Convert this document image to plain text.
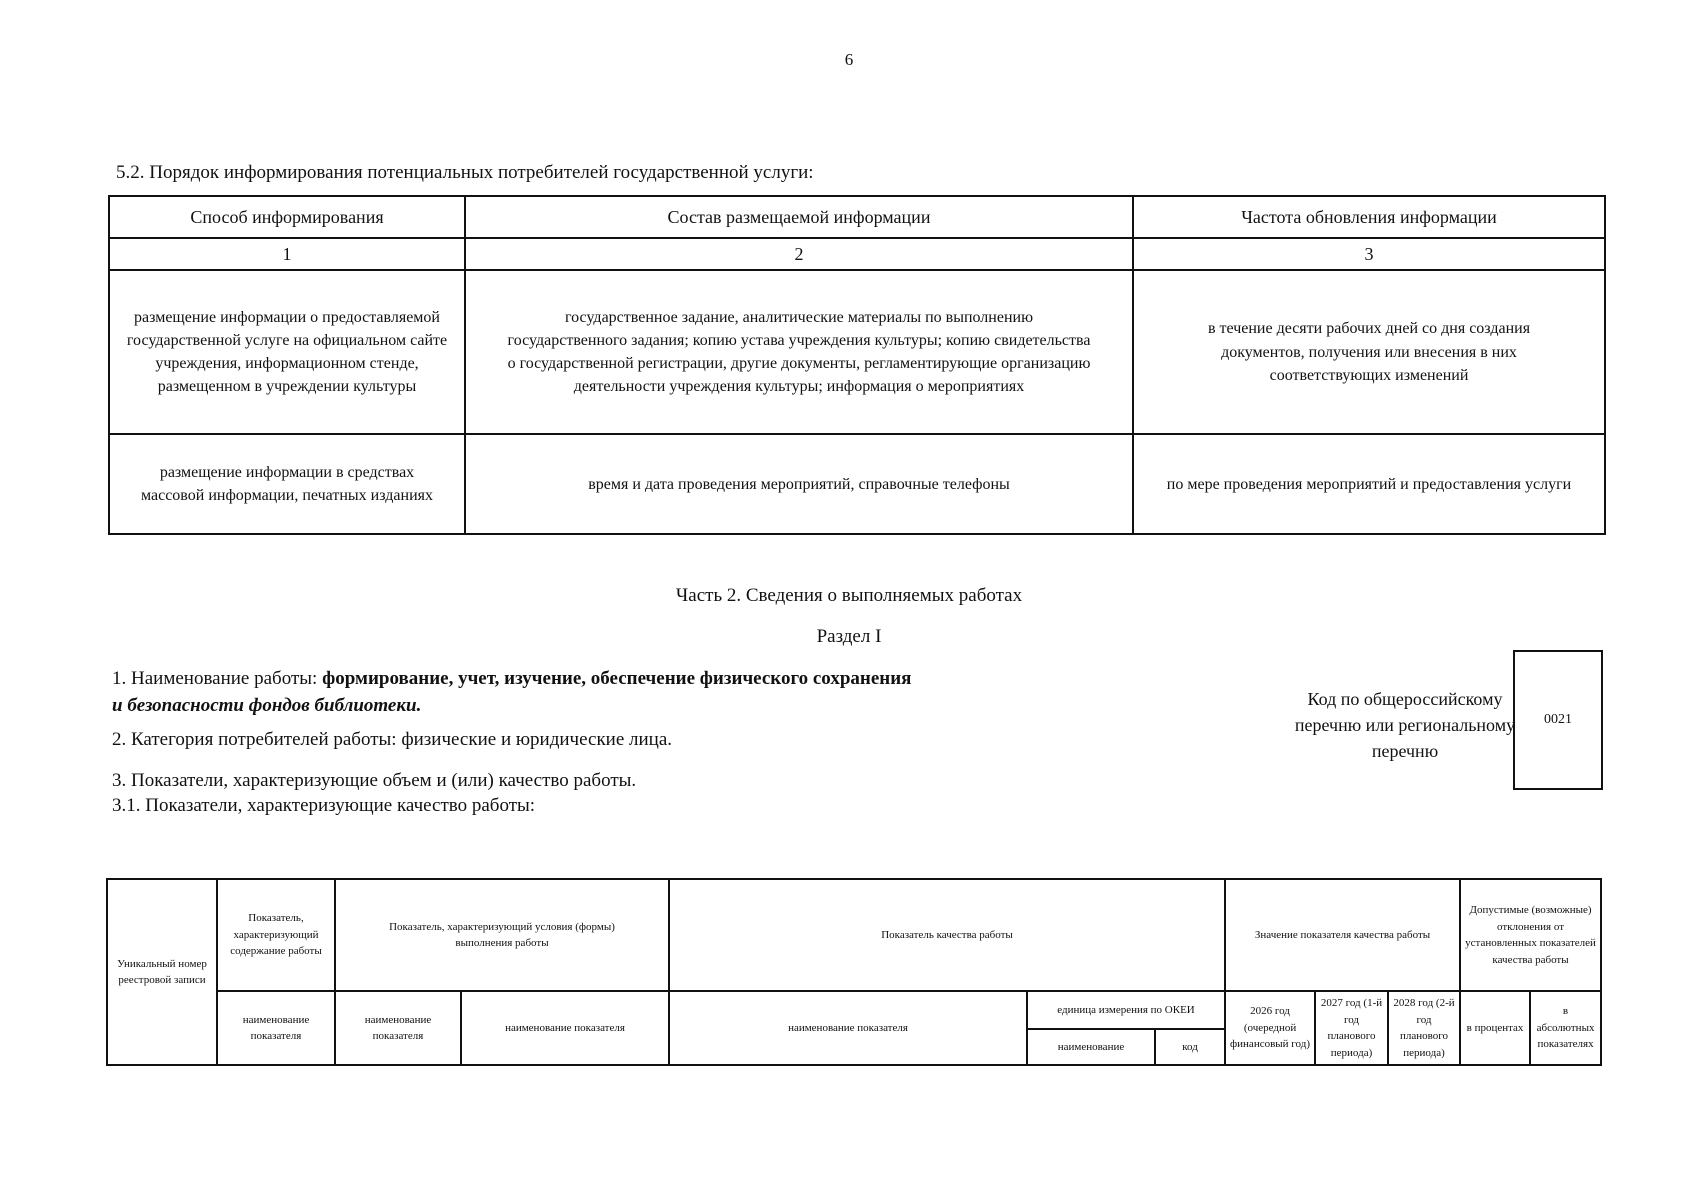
6
5.2. Порядок информирования потенциальных потребителей государственной услуги:
Способ информирования	Состав размещаемой информации	Частота обновления информации
1	2	3
размещение информации о предоставляемой государственной услуге на официальном сайте учреждения, информационном стенде, размещенном в учреждении культуры	государственное задание, аналитические материалы по выполнению государственного задания; копию устава учреждения культуры; копию свидетельства о государственной регистрации, другие документы, регламентирующие организацию деятельности учреждения культуры; информация о мероприятиях	в течение десяти рабочих дней со дня создания документов, получения или внесения в них соответствующих изменений
размещение информации в средствах массовой информации, печатных изданиях	время и дата проведения мероприятий, справочные телефоны	по мере проведения мероприятий и предоставления услуги
Часть 2. Сведения о выполняемых работах
Раздел I
1. Наименование работы: формирование, учет, изучение, обеспечение физического сохранения
и безопасности фондов библиотеки.
2. Категория потребителей работы: физические и юридические лица.
3. Показатели, характеризующие объем и (или) качество работы.
3.1. Показатели, характеризующие качество работы:
Код по общероссийскому перечню или региональному перечню
0021
Уникальный номер реестровой записи	Показатель, характеризующий содержание работы	Показатель, характеризующий условия (формы) выполнения работы		Показатель качества работы			Значение показателя качества работы			Допустимые (возможные) отклонения от установленных показателей качества работы	
	наименование показателя	наименование показателя	наименование показателя	наименование показателя	единица измерения по ОКЕИ		2026 год (очередной финансовый год)	2027 год (1-й год планового периода)	2028 год (2-й год планового периода)	в процентах	в абсолютных показателях
					наименование	код					
